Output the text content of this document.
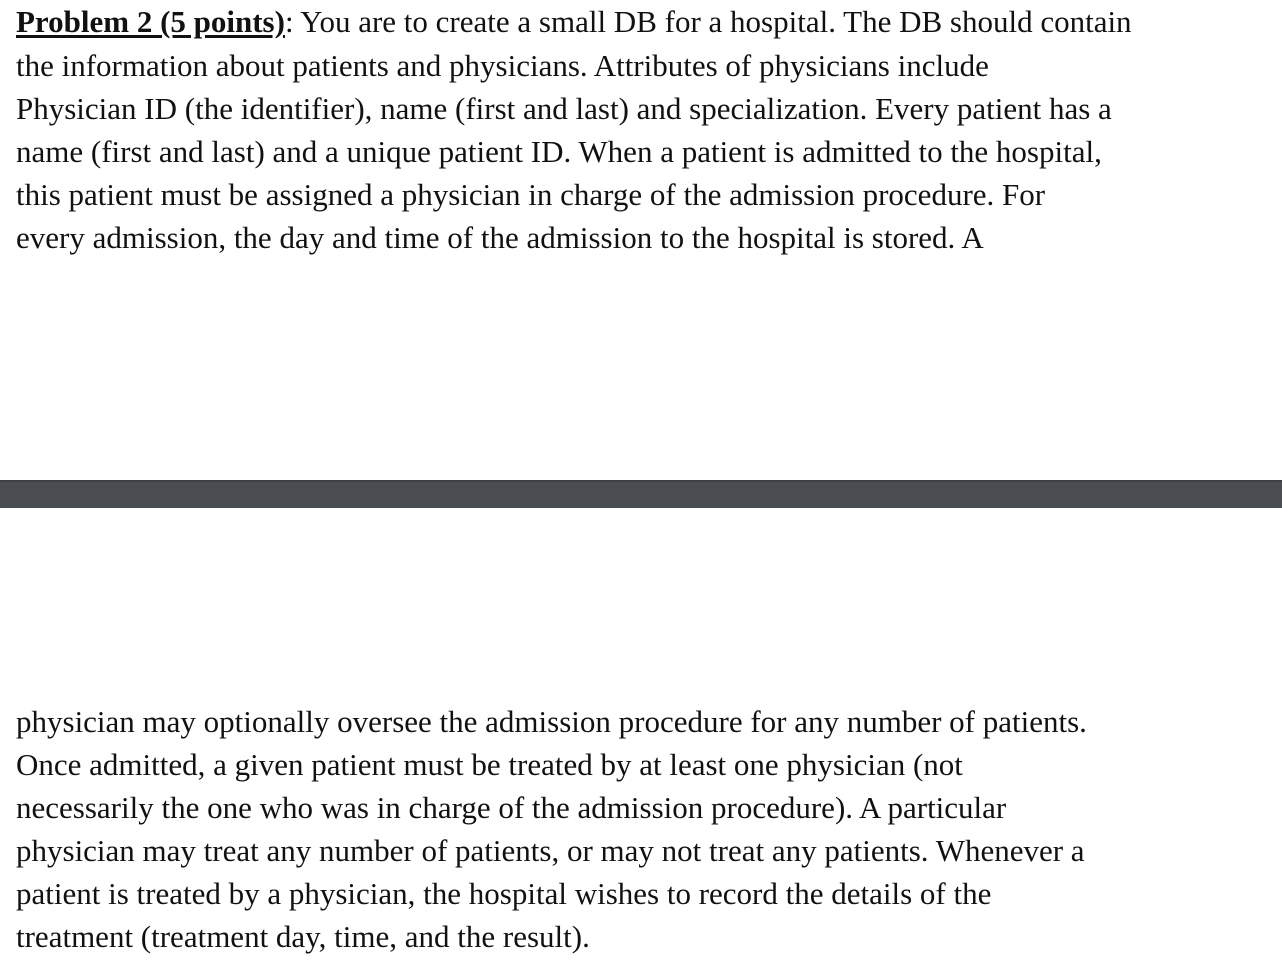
Problem 2 (5 points): You are to create a small DB for a hospital. The DB should contain

the information about patients and physicians. Attributes of physicians include

Physician ID (the identifier), name (first and last) and specialization. Every patient has a

name (first and last) and a unique patient ID. When a patient is admitted to the hospital,

this patient must be assigned a physician in charge of the admission procedure. For

every admission, the day and time of the admission to the hospital is stored. A

physician may optionally oversee the admission procedure for any number of patients.

Once admitted, a given patient must be treated by at least one physician (not

necessarily the one who was in charge of the admission procedure). A particular

physician may treat any number of patients, or may not treat any patients. Whenever a

patient is treated by a physician, the hospital wishes to record the details of the

treatment (treatment day, time, and the result).
